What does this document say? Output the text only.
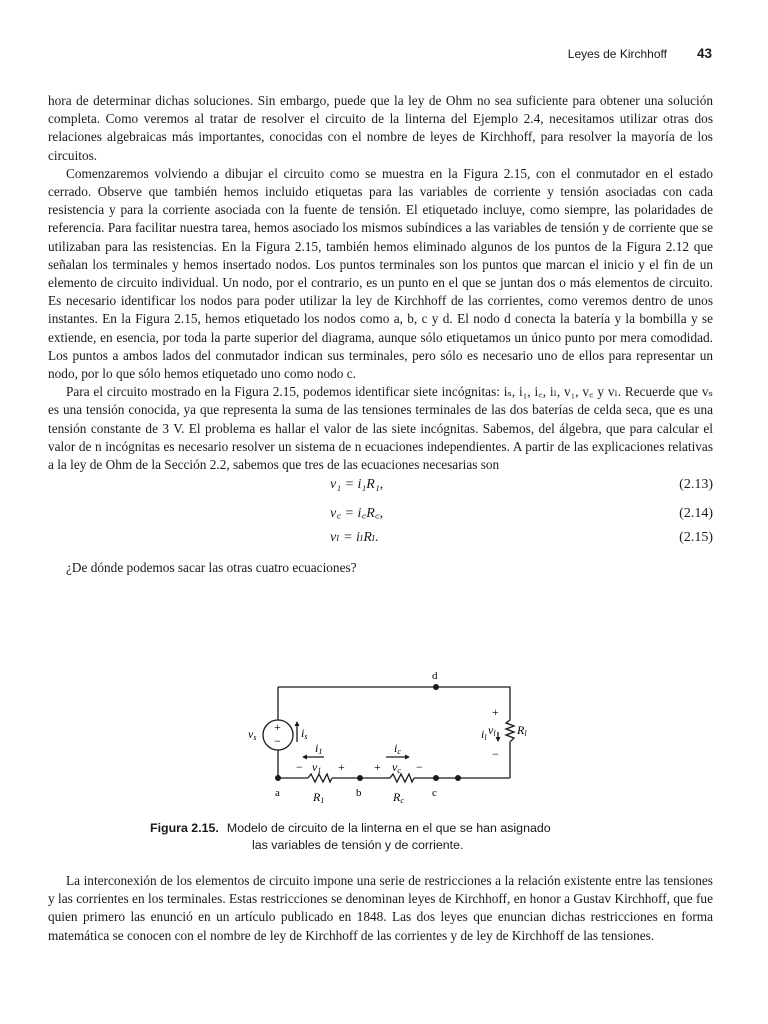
Leyes de Kirchhoff 43

hora de determinar dichas soluciones. Sin embargo, puede que la ley de Ohm no sea suficiente para obtener una solución completa. Como veremos al tratar de resolver el circuito de la linterna del Ejemplo 2.4, necesitamos utilizar otras dos relaciones algebraicas más importantes, conocidas con el nombre de leyes de Kirchhoff, para resolver la mayoría de los circuitos.

Comenzaremos volviendo a dibujar el circuito como se muestra en la Figura 2.15, con el conmutador en el estado cerrado. Observe que también hemos incluido etiquetas para las variables de corriente y tensión asociadas con cada resistencia y para la corriente asociada con la fuente de tensión. El etiquetado incluye, como siempre, las polaridades de referencia. Para facilitar nuestra tarea, hemos asociado los mismos subíndices a las variables de tensión y de corriente que se utilizaban para las resistencias. En la Figura 2.15, también hemos eliminado algunos de los puntos de la Figura 2.12 que señalan los terminales y hemos insertado nodos. Los puntos terminales son los puntos que marcan el inicio y el fin de un elemento de circuito individual. Un nodo, por el contrario, es un punto en el que se juntan dos o más elementos de circuito. Es necesario identificar los nodos para poder utilizar la ley de Kirchhoff de las corrientes, como veremos dentro de unos instantes. En la Figura 2.15, hemos etiquetado los nodos como a, b, c y d. El nodo d conecta la batería y la bombilla y se extiende, en esencia, por toda la parte superior del diagrama, aunque sólo etiquetamos un único punto por mera comodidad. Los puntos a ambos lados del conmutador indican sus terminales, pero sólo es necesario uno de ellos para representar un nodo, por lo que sólo hemos etiquetado uno como nodo c.

Para el circuito mostrado en la Figura 2.15, podemos identificar siete incógnitas: iₛ, i₁, i꜀, iₗ, v₁, v꜀ y vₗ. Recuerde que vₛ es una tensión conocida, ya que representa la suma de las tensiones terminales de las dos baterías de celda seca, que es una tensión constante de 3 V. El problema es hallar el valor de las siete incógnitas. Sabemos, del álgebra, que para calcular el valor de n incógnitas es necesario resolver un sistema de n ecuaciones independientes. A partir de las explicaciones relativas a la ley de Ohm de la Sección 2.2, sabemos que tres de las ecuaciones necesarias son

v₁ = i₁R₁,	(2.13)
v꜀ = i꜀R꜀,	(2.14)
vₗ = iₗRₗ.	(2.15)

¿De dónde podemos sacar las otras cuatro ecuaciones?

+
−
vs	is
i1
− v1 +
ic
+ vc −
+
−
il
vl Rl
d
a	b	c
R1	Rc
Figura 2.15. Modelo de circuito de la linterna en el que se han asignado
las variables de tensión y de corriente.

La interconexión de los elementos de circuito impone una serie de restricciones a la relación existente entre las tensiones y las corrientes en los terminales. Estas restricciones se denominan leyes de Kirchhoff, en honor a Gustav Kirchhoff, que fue quien primero las enunció en un artículo publicado en 1848. Las dos leyes que enuncian dichas restricciones en forma matemática se conocen con el nombre de ley de Kirchhoff de las corrientes y de ley de Kirchhoff de las tensiones.
